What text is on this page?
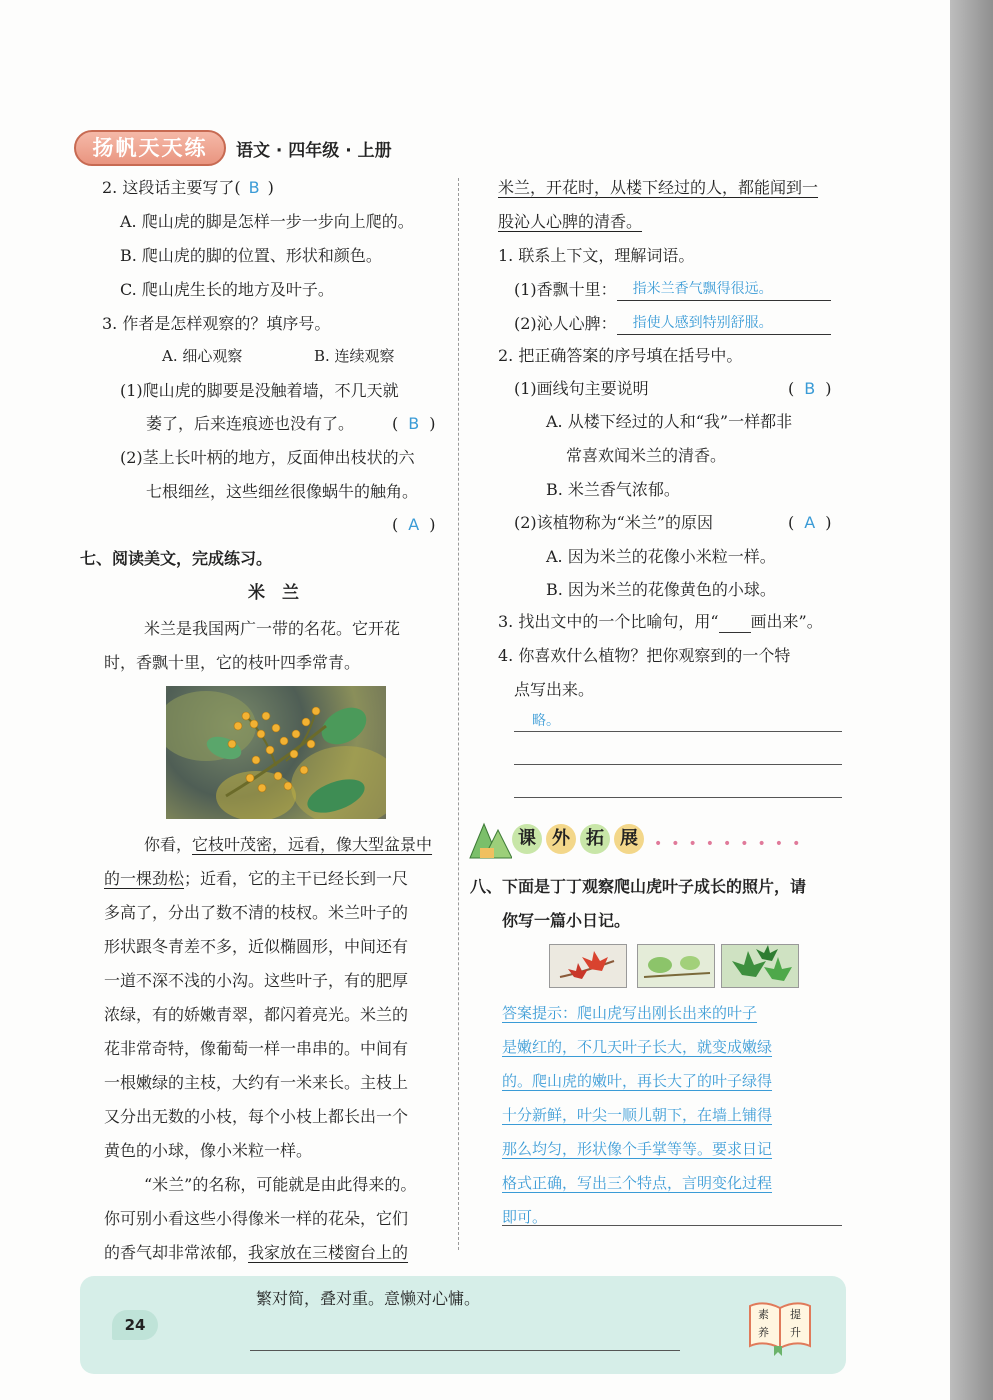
扬帆天天练	语文 · 四年级 · 上册
2. 这段话主要写了( B )
A. 爬山虎的脚是怎样一步一步向上爬的。
B. 爬山虎的脚的位置、形状和颜色。
C. 爬山虎生长的地方及叶子。
3. 作者是怎样观察的？填序号。
A. 细心观察	B. 连续观察
(1)爬山虎的脚要是没触着墙，不几天就
萎了，后来连痕迹也没有了。 ( B )
(2)茎上长叶柄的地方，反面伸出枝状的六
七根细丝，这些细丝很像蜗牛的触角。
( A )
七、阅读美文，完成练习。
米　兰
米兰是我国两广一带的名花。它开花
时，香飘十里，它的枝叶四季常青。
你看，它枝叶茂密，远看，像大型盆景中
的一棵劲松；近看，它的主干已经长到一尺
多高了，分出了数不清的枝杈。米兰叶子的
形状跟冬青差不多，近似椭圆形，中间还有
一道不深不浅的小沟。这些叶子，有的肥厚
浓绿，有的娇嫩青翠，都闪着亮光。米兰的
花非常奇特，像葡萄一样一串串的。中间有
一根嫩绿的主枝，大约有一米来长。主枝上
又分出无数的小枝，每个小枝上都长出一个
黄色的小球，像小米粒一样。
“米兰”的名称，可能就是由此得来的。
你可别小看这些小得像米一样的花朵，它们
的香气却非常浓郁，我家放在三楼窗台上的
米兰，开花时，从楼下经过的人，都能闻到一
股沁人心脾的清香。
1. 联系上下文，理解词语。
(1)香飘十里： 指米兰香气飘得很远。
(2)沁人心脾： 指使人感到特别舒服。
2. 把正确答案的序号填在括号中。
(1)画线句主要说明	( B )
A. 从楼下经过的人和“我”一样都非
常喜欢闻米兰的清香。
B. 米兰香气浓郁。
(2)该植物称为“米兰”的原因	( A )
A. 因为米兰的花像小米粒一样。
B. 因为米兰的花像黄色的小球。
3. 找出文中的一个比喻句，用“ 画出来”。
4. 你喜欢什么植物？把你观察到的一个特
点写出来。
略。
课 外 拓 展	•••••••••
八、下面是丁丁观察爬山虎叶子成长的照片，请
你写一篇小日记。
答案提示：爬山虎写出刚长出来的叶子
是嫩红的，不几天叶子长大，就变成嫩绿
的。爬山虎的嫩叶，再长大了的叶子绿得
十分新鲜，叶尖一顺儿朝下，在墙上铺得
那么均匀，形状像个手掌等等。要求日记
格式正确，写出三个特点，言明变化过程
即可。
繁对简，叠对重。意懒对心慵。
24
素 提
养 升
